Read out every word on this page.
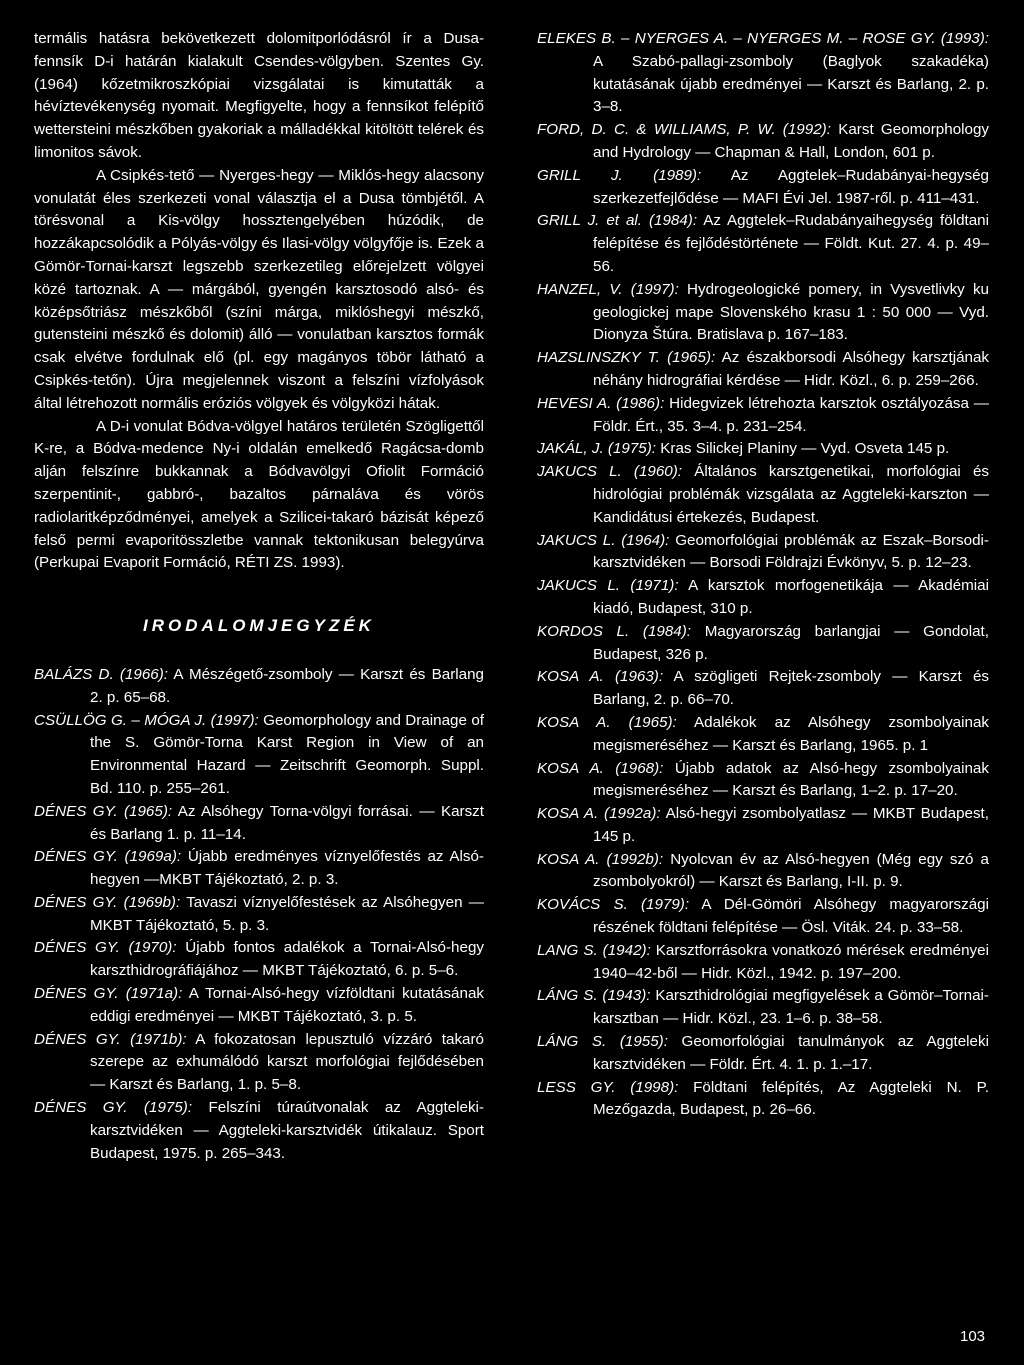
termális hatásra bekövetkezett dolomitporlódásról ír a Dusa-fennsík D-i határán kialakult Csendes-völgyben. Szentes Gy. (1964) kőzetmikroszkópiai vizsgálatai is kimutatták a hévíztevékenység nyomait. Megfigyelte, hogy a fennsíkot felépítő wettersteini mészkőben gyakoriak a málladékkal kitöltött telérek és limonitos sávok.

A Csipkés-tető — Nyerges-hegy — Miklós-hegy alacsony vonulatát éles szerkezeti vonal választja el a Dusa tömbjétől. A törésvonal a Kis-völgy hossztengelyében húzódik, de hozzákapcsolódik a Pólyás-völgy és Ilasi-völgy völgyfője is. Ezek a Gömör-Tornai-karszt legszebb szerkezetileg előrejelzett völgyei közé tartoznak. A — márgából, gyengén karsztosodó alsó- és középsőtriász mészkőből (színi márga, miklóshegyi mészkő, gutensteini mészkő és dolomit) álló — vonulatban karsztos formák csak elvétve fordulnak elő (pl. egy magányos töbör látható a Csipkés-tetőn). Újra megjelennek viszont a felszíni vízfolyások által létrehozott normális eróziós völgyek és völgyközi hátak.

A D-i vonulat Bódva-völgyel határos területén Szögligettől K-re, a Bódva-medence Ny-i oldalán emelkedő Ragácsa-domb alján felszínre bukkannak a Bódvavölgyi Ofiolit Formáció szerpentinit-, gabbró-, bazaltos párnaláva és vörös radiolaritképződményei, amelyek a Szilicei-takaró bázisát képező felső permi evaporitösszletbe vannak tektonikusan belegyúrva (Perkupai Evaporit Formáció, RÉTI ZS. 1993).

IRODALOMJEGYZÉK

BALÁZS D. (1966): A Mészégető-zsomboly — Karszt és Barlang 2. p. 65–68.

CSÜLLÖG G. – MÓGA J. (1997): Geomorphology and Drainage of the S. Gömör-Torna Karst Region in View of an Environmental Hazard — Zeitschrift Geomorph. Suppl. Bd. 110. p. 255–261.

DÉNES GY. (1965): Az Alsóhegy Torna-völgyi forrásai. — Karszt és Barlang 1. p. 11–14.

DÉNES GY. (1969a): Újabb eredményes víznyelőfestés az Alsó-hegyen —MKBT Tájékoztató, 2. p. 3.

DÉNES GY. (1969b): Tavaszi víznyelőfestések az Alsóhegyen — MKBT Tájékoztató, 5. p. 3.

DÉNES GY. (1970): Újabb fontos adalékok a Tornai-Alsó-hegy karszthidrográfiájához — MKBT Tájékoztató, 6. p. 5–6.

DÉNES GY. (1971a): A Tornai-Alsó-hegy vízföldtani kutatásának eddigi eredményei — MKBT Tájékoztató, 3. p. 5.

DÉNES GY. (1971b): A fokozatosan lepusztuló vízzáró takaró szerepe az exhumálódó karszt morfológiai fejlődésében — Karszt és Barlang, 1. p. 5–8.

DÉNES GY. (1975): Felszíni túraútvonalak az Aggteleki-karsztvidéken — Aggteleki-karsztvidék útikalauz. Sport Budapest, 1975. p. 265–343.

ELEKES B. – NYERGES A. – NYERGES M. – ROSE GY. (1993): A Szabó-pallagi-zsomboly (Baglyok szakadéka) kutatásának újabb eredményei — Karszt és Barlang, 2. p. 3–8.

FORD, D. C. & WILLIAMS, P. W. (1992): Karst Geomorphology and Hydrology — Chapman & Hall, London, 601 p.

GRILL J. (1989): Az Aggtelek–Rudabányai-hegység szerkezetfejlődése — MAFI Évi Jel. 1987-ről. p. 411–431.

GRILL J. et al. (1984): Az Aggtelek–Rudabányaihegység földtani felépítése és fejlődéstörténete — Földt. Kut. 27. 4. p. 49–56.

HANZEL, V. (1997): Hydrogeologické pomery, in Vysvetlivky ku geologickej mape Slovenského krasu 1 : 50 000 — Vyd. Dionyza Štúra. Bratislava p. 167–183.

HAZSLINSZKY T. (1965): Az északborsodi Alsóhegy karsztjának néhány hidrográfiai kérdése — Hidr. Közl., 6. p. 259–266.

HEVESI A. (1986): Hidegvizek létrehozta karsztok osztályozása — Földr. Ért., 35. 3–4. p. 231–254.

JAKÁL, J. (1975): Kras Silickej Planiny — Vyd. Osveta 145 p.

JAKUCS L. (1960): Általános karsztgenetikai, morfológiai és hidrológiai problémák vizsgálata az Aggteleki-karszton — Kandidátusi értekezés, Budapest.

JAKUCS L. (1964): Geomorfológiai problémák az Eszak–Borsodi-karsztvidéken — Borsodi Földrajzi Évkönyv, 5. p. 12–23.

JAKUCS L. (1971): A karsztok morfogenetikája — Akadémiai kiadó, Budapest, 310 p.

KORDOS L. (1984): Magyarország barlangjai — Gondolat, Budapest, 326 p.

KOSA A. (1963): A szögligeti Rejtek-zsomboly — Karszt és Barlang, 2. p. 66–70.

KOSA A. (1965): Adalékok az Alsóhegy zsombolyainak megismeréséhez — Karszt és Barlang, 1965. p. 1

KOSA A. (1968): Újabb adatok az Alsó-hegy zsombolyainak megismeréséhez — Karszt és Barlang, 1–2. p. 17–20.

KOSA A. (1992a): Alsó-hegyi zsombolyatlasz — MKBT Budapest, 145 p.

KOSA A. (1992b): Nyolcvan év az Alsó-hegyen (Még egy szó a zsombolyokról) — Karszt és Barlang, I-II. p. 9.

KOVÁCS S. (1979): A Dél-Gömöri Alsóhegy magyarországi részének földtani felépítése — Ösl. Viták. 24. p. 33–58.

LANG S. (1942): Karsztforrásokra vonatkozó mérések eredményei 1940–42-ből — Hidr. Közl., 1942. p. 197–200.

LÁNG S. (1943): Karszthidrológiai megfigyelések a Gömör–Tornai-karsztban — Hidr. Közl., 23. 1–6. p. 38–58.

LÁNG S. (1955): Geomorfológiai tanulmányok az Aggteleki karsztvidéken — Földr. Ért. 4. 1. p. 1.–17.

LESS GY. (1998): Földtani felépítés, Az Aggteleki N. P. Mezőgazda, Budapest, p. 26–66.

103
